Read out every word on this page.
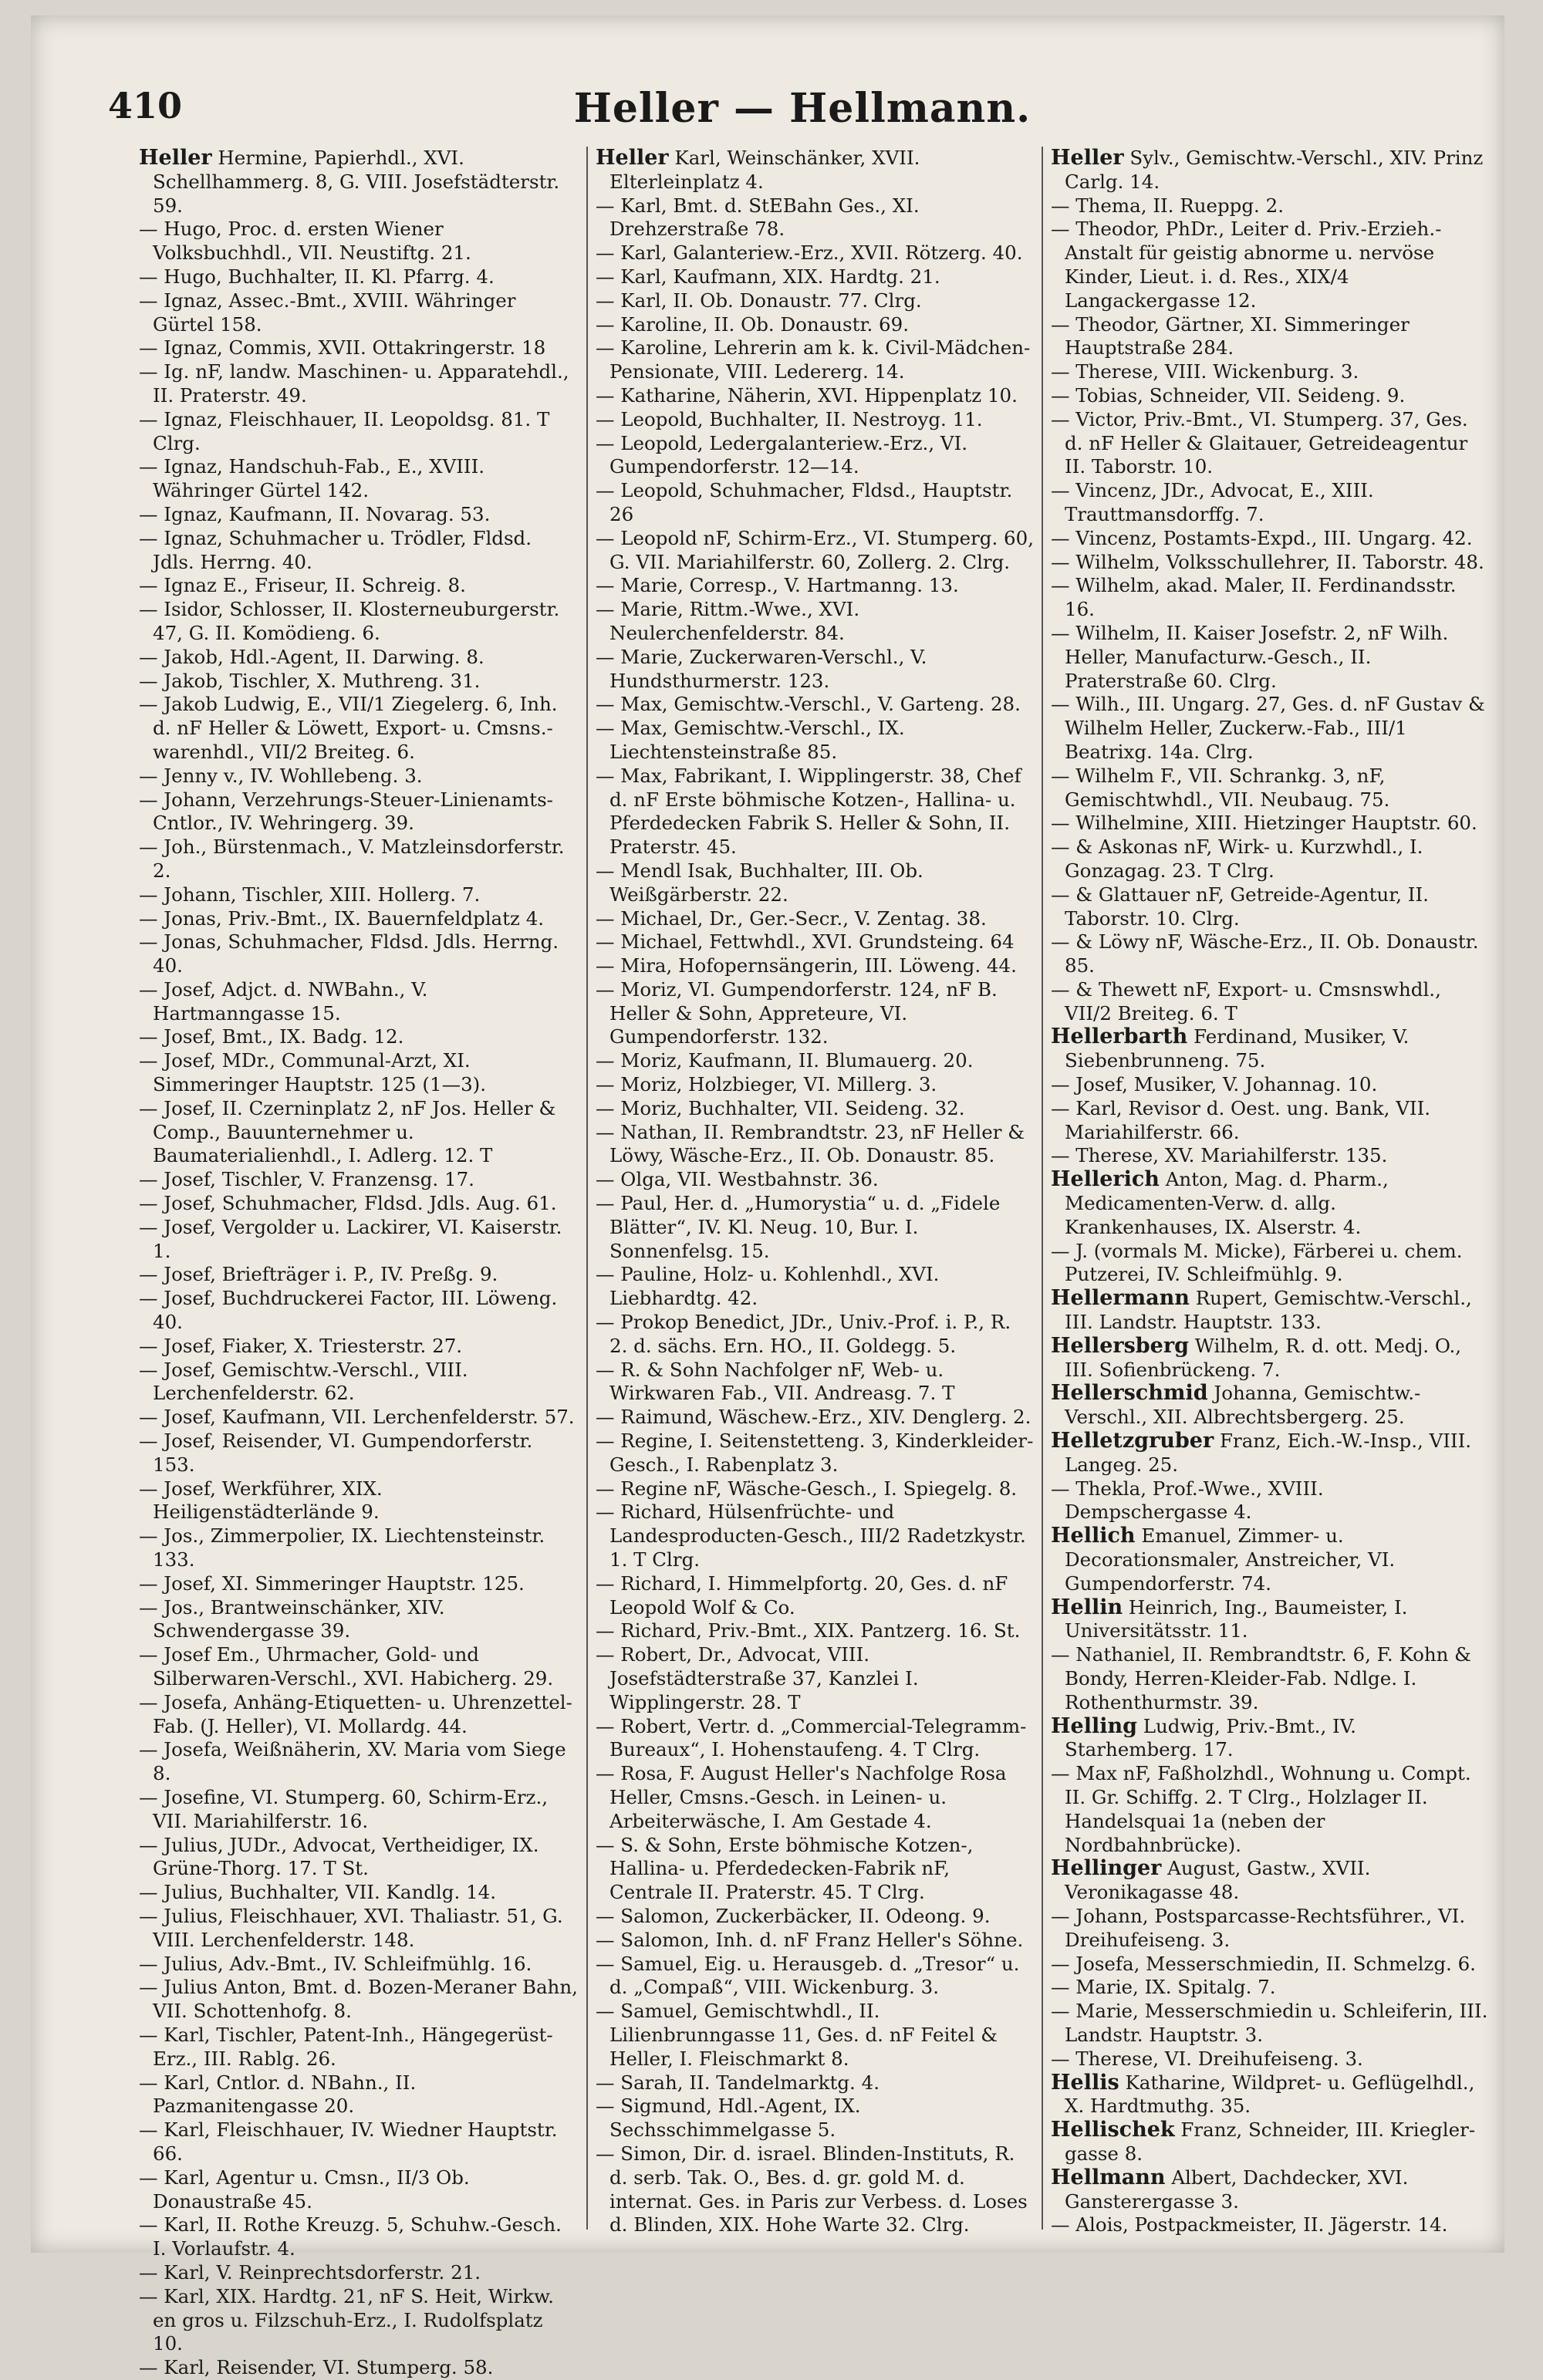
410	Heller — Hellmann.

Heller Hermine, Papierhdl., XVI. Schellhammerg. 8, G. VIII. Josefstädterstr. 59.

— Hugo, Proc. d. ersten Wiener Volksbuchhdl., VII. Neustiftg. 21.

— Hugo, Buchhalter, II. Kl. Pfarrg. 4.

— Ignaz, Assec.-Bmt., XVIII. Währinger Gürtel 158.

— Ignaz, Commis, XVII. Ottakringerstr. 18

— Ig. nF, landw. Maschinen- u. Apparatehdl., II. Praterstr. 49.

— Ignaz, Fleischhauer, II. Leopoldsg. 81. T Clrg.

— Ignaz, Handschuh-Fab., E., XVIII. Währinger Gürtel 142.

— Ignaz, Kaufmann, II. Novarag. 53.

— Ignaz, Schuhmacher u. Trödler, Fldsd. Jdls. Herrng. 40.

— Ignaz E., Friseur, II. Schreig. 8.

— Isidor, Schlosser, II. Klosterneuburgerstr. 47, G. II. Komödieng. 6.

— Jakob, Hdl.-Agent, II. Darwing. 8.

— Jakob, Tischler, X. Muthreng. 31.

— Jakob Ludwig, E., VII/1 Ziegelerg. 6, Inh. d. nF Heller & Löwett, Export- u. Cmsns.-warenhdl., VII/2 Breiteg. 6.

— Jenny v., IV. Wohllebeng. 3.

— Johann, Verzehrungs-Steuer-Linienamts-Cntlor., IV. Wehringerg. 39.

— Joh., Bürstenmach., V. Matzleinsdorferstr. 2.

— Johann, Tischler, XIII. Hollerg. 7.

— Jonas, Priv.-Bmt., IX. Bauernfeldplatz 4.

— Jonas, Schuhmacher, Fldsd. Jdls. Herrng. 40.

— Josef, Adjct. d. NWBahn., V. Hartmanngasse 15.

— Josef, Bmt., IX. Badg. 12.

— Josef, MDr., Communal-Arzt, XI. Simmeringer Hauptstr. 125 (1—3).

— Josef, II. Czerninplatz 2, nF Jos. Heller & Comp., Bauunternehmer u. Baumaterialienhdl., I. Adlerg. 12. T

— Josef, Tischler, V. Franzensg. 17.

— Josef, Schuhmacher, Fldsd. Jdls. Aug. 61.

— Josef, Vergolder u. Lackirer, VI. Kaiserstr. 1.

— Josef, Briefträger i. P., IV. Preßg. 9.

— Josef, Buchdruckerei Factor, III. Löweng. 40.

— Josef, Fiaker, X. Triesterstr. 27.

— Josef, Gemischtw.-Verschl., VIII. Lerchenfelderstr. 62.

— Josef, Kaufmann, VII. Lerchenfelderstr. 57.

— Josef, Reisender, VI. Gumpendorferstr. 153.

— Josef, Werkführer, XIX. Heiligenstädterlände 9.

— Jos., Zimmerpolier, IX. Liechtensteinstr. 133.

— Josef, XI. Simmeringer Hauptstr. 125.

— Jos., Brantweinschänker, XIV. Schwendergasse 39.

— Josef Em., Uhrmacher, Gold- und Silberwaren-Verschl., XVI. Habicherg. 29.

— Josefa, Anhäng-Etiquetten- u. Uhrenzettel-Fab. (J. Heller), VI. Mollardg. 44.

— Josefa, Weißnäherin, XV. Maria vom Siege 8.

— Josefine, VI. Stumperg. 60, Schirm-Erz., VII. Mariahilferstr. 16.

— Julius, JUDr., Advocat, Vertheidiger, IX. Grüne-Thorg. 17. T St.

— Julius, Buchhalter, VII. Kandlg. 14.

— Julius, Fleischhauer, XVI. Thaliastr. 51, G. VIII. Lerchenfelderstr. 148.

— Julius, Adv.-Bmt., IV. Schleifmühlg. 16.

— Julius Anton, Bmt. d. Bozen-Meraner Bahn, VII. Schottenhofg. 8.

— Karl, Tischler, Patent-Inh., Hängegerüst-Erz., III. Rablg. 26.

— Karl, Cntlor. d. NBahn., II. Pazmanitengasse 20.

— Karl, Fleischhauer, IV. Wiedner Hauptstr. 66.

— Karl, Agentur u. Cmsn., II/3 Ob. Donaustraße 45.

— Karl, II. Rothe Kreuzg. 5, Schuhw.-Gesch. I. Vorlaufstr. 4.

— Karl, V. Reinprechtsdorferstr. 21.

— Karl, XIX. Hardtg. 21, nF S. Heit, Wirkw. en gros u. Filzschuh-Erz., I. Rudolfsplatz 10.

— Karl, Reisender, VI. Stumperg. 58.

Heller Karl, Weinschänker, XVII. Elterleinplatz 4.

— Karl, Bmt. d. StEBahn Ges., XI. Drehzerstraße 78.

— Karl, Galanteriew.-Erz., XVII. Rötzerg. 40.

— Karl, Kaufmann, XIX. Hardtg. 21.

— Karl, II. Ob. Donaustr. 77. Clrg.

— Karoline, II. Ob. Donaustr. 69.

— Karoline, Lehrerin am k. k. Civil-Mädchen-Pensionate, VIII. Ledererg. 14.

— Katharine, Näherin, XVI. Hippenplatz 10.

— Leopold, Buchhalter, II. Nestroyg. 11.

— Leopold, Ledergalanteriew.-Erz., VI. Gumpendorferstr. 12—14.

— Leopold, Schuhmacher, Fldsd., Hauptstr. 26

— Leopold nF, Schirm-Erz., VI. Stumperg. 60, G. VII. Mariahilferstr. 60, Zollerg. 2. Clrg.

— Marie, Corresp., V. Hartmanng. 13.

— Marie, Rittm.-Wwe., XVI. Neulerchenfelderstr. 84.

— Marie, Zuckerwaren-Verschl., V. Hundsthurmerstr. 123.

— Max, Gemischtw.-Verschl., V. Garteng. 28.

— Max, Gemischtw.-Verschl., IX. Liechtensteinstraße 85.

— Max, Fabrikant, I. Wipplingerstr. 38, Chef d. nF Erste böhmische Kotzen-, Hallina- u. Pferdedecken Fabrik S. Heller & Sohn, II. Praterstr. 45.

— Mendl Isak, Buchhalter, III. Ob. Weißgärberstr. 22.

— Michael, Dr., Ger.-Secr., V. Zentag. 38.

— Michael, Fettwhdl., XVI. Grundsteing. 64

— Mira, Hofopernsängerin, III. Löweng. 44.

— Moriz, VI. Gumpendorferstr. 124, nF B. Heller & Sohn, Appreteure, VI. Gumpendorferstr. 132.

— Moriz, Kaufmann, II. Blumauerg. 20.

— Moriz, Holzbieger, VI. Millerg. 3.

— Moriz, Buchhalter, VII. Seideng. 32.

— Nathan, II. Rembrandtstr. 23, nF Heller & Löwy, Wäsche-Erz., II. Ob. Donaustr. 85.

— Olga, VII. Westbahnstr. 36.

— Paul, Her. d. „Humorystia“ u. d. „Fidele Blätter“, IV. Kl. Neug. 10, Bur. I. Sonnenfelsg. 15.

— Pauline, Holz- u. Kohlenhdl., XVI. Liebhardtg. 42.

— Prokop Benedict, JDr., Univ.-Prof. i. P., R. 2. d. sächs. Ern. HO., II. Goldegg. 5.

— R. & Sohn Nachfolger nF, Web- u. Wirkwaren Fab., VII. Andreasg. 7. T

— Raimund, Wäschew.-Erz., XIV. Denglerg. 2.

— Regine, I. Seitenstetteng. 3, Kinderkleider-Gesch., I. Rabenplatz 3.

— Regine nF, Wäsche-Gesch., I. Spiegelg. 8.

— Richard, Hülsenfrüchte- und Landesproducten-Gesch., III/2 Radetzkystr. 1. T Clrg.

— Richard, I. Himmelpfortg. 20, Ges. d. nF Leopold Wolf & Co.

— Richard, Priv.-Bmt., XIX. Pantzerg. 16. St.

— Robert, Dr., Advocat, VIII. Josefstädterstraße 37, Kanzlei I. Wipplingerstr. 28. T

— Robert, Vertr. d. „Commercial-Telegramm-Bureaux“, I. Hohenstaufeng. 4. T Clrg.

— Rosa, F. August Heller's Nachfolge Rosa Heller, Cmsns.-Gesch. in Leinen- u. Arbeiterwäsche, I. Am Gestade 4.

— S. & Sohn, Erste böhmische Kotzen-, Hallina- u. Pferdedecken-Fabrik nF, Centrale II. Praterstr. 45. T Clrg.

— Salomon, Zuckerbäcker, II. Odeong. 9.

— Salomon, Inh. d. nF Franz Heller's Söhne.

— Samuel, Eig. u. Herausgeb. d. „Tresor“ u. d. „Compaß“, VIII. Wickenburg. 3.

— Samuel, Gemischtwhdl., II. Lilienbrunngasse 11, Ges. d. nF Feitel & Heller, I. Fleischmarkt 8.

— Sarah, II. Tandelmarktg. 4.

— Sigmund, Hdl.-Agent, IX. Sechsschimmelgasse 5.

— Simon, Dir. d. israel. Blinden-Instituts, R. d. serb. Tak. O., Bes. d. gr. gold M. d. internat. Ges. in Paris zur Verbess. d. Loses d. Blinden, XIX. Hohe Warte 32. Clrg.

Heller Sylv., Gemischtw.-Verschl., XIV. Prinz Carlg. 14.

— Thema, II. Rueppg. 2.

— Theodor, PhDr., Leiter d. Priv.-Erzieh.-Anstalt für geistig abnorme u. nervöse Kinder, Lieut. i. d. Res., XIX/4 Langackergasse 12.

— Theodor, Gärtner, XI. Simmeringer Hauptstraße 284.

— Therese, VIII. Wickenburg. 3.

— Tobias, Schneider, VII. Seideng. 9.

— Victor, Priv.-Bmt., VI. Stumperg. 37, Ges. d. nF Heller & Glaitauer, Getreideagentur II. Taborstr. 10.

— Vincenz, JDr., Advocat, E., XIII. Trauttmansdorffg. 7.

— Vincenz, Postamts-Expd., III. Ungarg. 42.

— Wilhelm, Volksschullehrer, II. Taborstr. 48.

— Wilhelm, akad. Maler, II. Ferdinandsstr. 16.

— Wilhelm, II. Kaiser Josefstr. 2, nF Wilh. Heller, Manufacturw.-Gesch., II. Praterstraße 60. Clrg.

— Wilh., III. Ungarg. 27, Ges. d. nF Gustav & Wilhelm Heller, Zuckerw.-Fab., III/1 Beatrixg. 14a. Clrg.

— Wilhelm F., VII. Schrankg. 3, nF, Gemischtwhdl., VII. Neubaug. 75.

— Wilhelmine, XIII. Hietzinger Hauptstr. 60.

— & Askonas nF, Wirk- u. Kurzwhdl., I. Gonzagag. 23. T Clrg.

— & Glattauer nF, Getreide-Agentur, II. Taborstr. 10. Clrg.

— & Löwy nF, Wäsche-Erz., II. Ob. Donaustr. 85.

— & Thewett nF, Export- u. Cmsnswhdl., VII/2 Breiteg. 6. T

Hellerbarth Ferdinand, Musiker, V. Siebenbrunneng. 75.

— Josef, Musiker, V. Johannag. 10.

— Karl, Revisor d. Oest. ung. Bank, VII. Mariahilferstr. 66.

— Therese, XV. Mariahilferstr. 135.

Hellerich Anton, Mag. d. Pharm., Medicamenten-Verw. d. allg. Krankenhauses, IX. Alserstr. 4.

— J. (vormals M. Micke), Färberei u. chem. Putzerei, IV. Schleifmühlg. 9.

Hellermann Rupert, Gemischtw.-Verschl., III. Landstr. Hauptstr. 133.

Hellersberg Wilhelm, R. d. ott. Medj. O., III. Sofienbrückeng. 7.

Hellerschmid Johanna, Gemischtw.-Verschl., XII. Albrechtsbergerg. 25.

Helletzgruber Franz, Eich.-W.-Insp., VIII. Langeg. 25.

— Thekla, Prof.-Wwe., XVIII. Dempschergasse 4.

Hellich Emanuel, Zimmer- u. Decorationsmaler, Anstreicher, VI. Gumpendorferstr. 74.

Hellin Heinrich, Ing., Baumeister, I. Universitätsstr. 11.

— Nathaniel, II. Rembrandtstr. 6, F. Kohn & Bondy, Herren-Kleider-Fab. Ndlge. I. Rothenthurmstr. 39.

Helling Ludwig, Priv.-Bmt., IV. Starhemberg. 17.

— Max nF, Faßholzhdl., Wohnung u. Compt. II. Gr. Schiffg. 2. T Clrg., Holzlager II. Handelsquai 1a (neben der Nordbahnbrücke).

Hellinger August, Gastw., XVII. Veronikagasse 48.

— Johann, Postsparcasse-Rechtsführer., VI. Dreihufeiseng. 3.

— Josefa, Messerschmiedin, II. Schmelzg. 6.

— Marie, IX. Spitalg. 7.

— Marie, Messerschmiedin u. Schleiferin, III. Landstr. Hauptstr. 3.

— Therese, VI. Dreihufeiseng. 3.

Hellis Katharine, Wildpret- u. Geflügelhdl., X. Hardtmuthg. 35.

Hellischek Franz, Schneider, III. Kriegler-gasse 8.

Hellmann Albert, Dachdecker, XVI. Gansterergasse 3.

— Alois, Postpackmeister, II. Jägerstr. 14.
